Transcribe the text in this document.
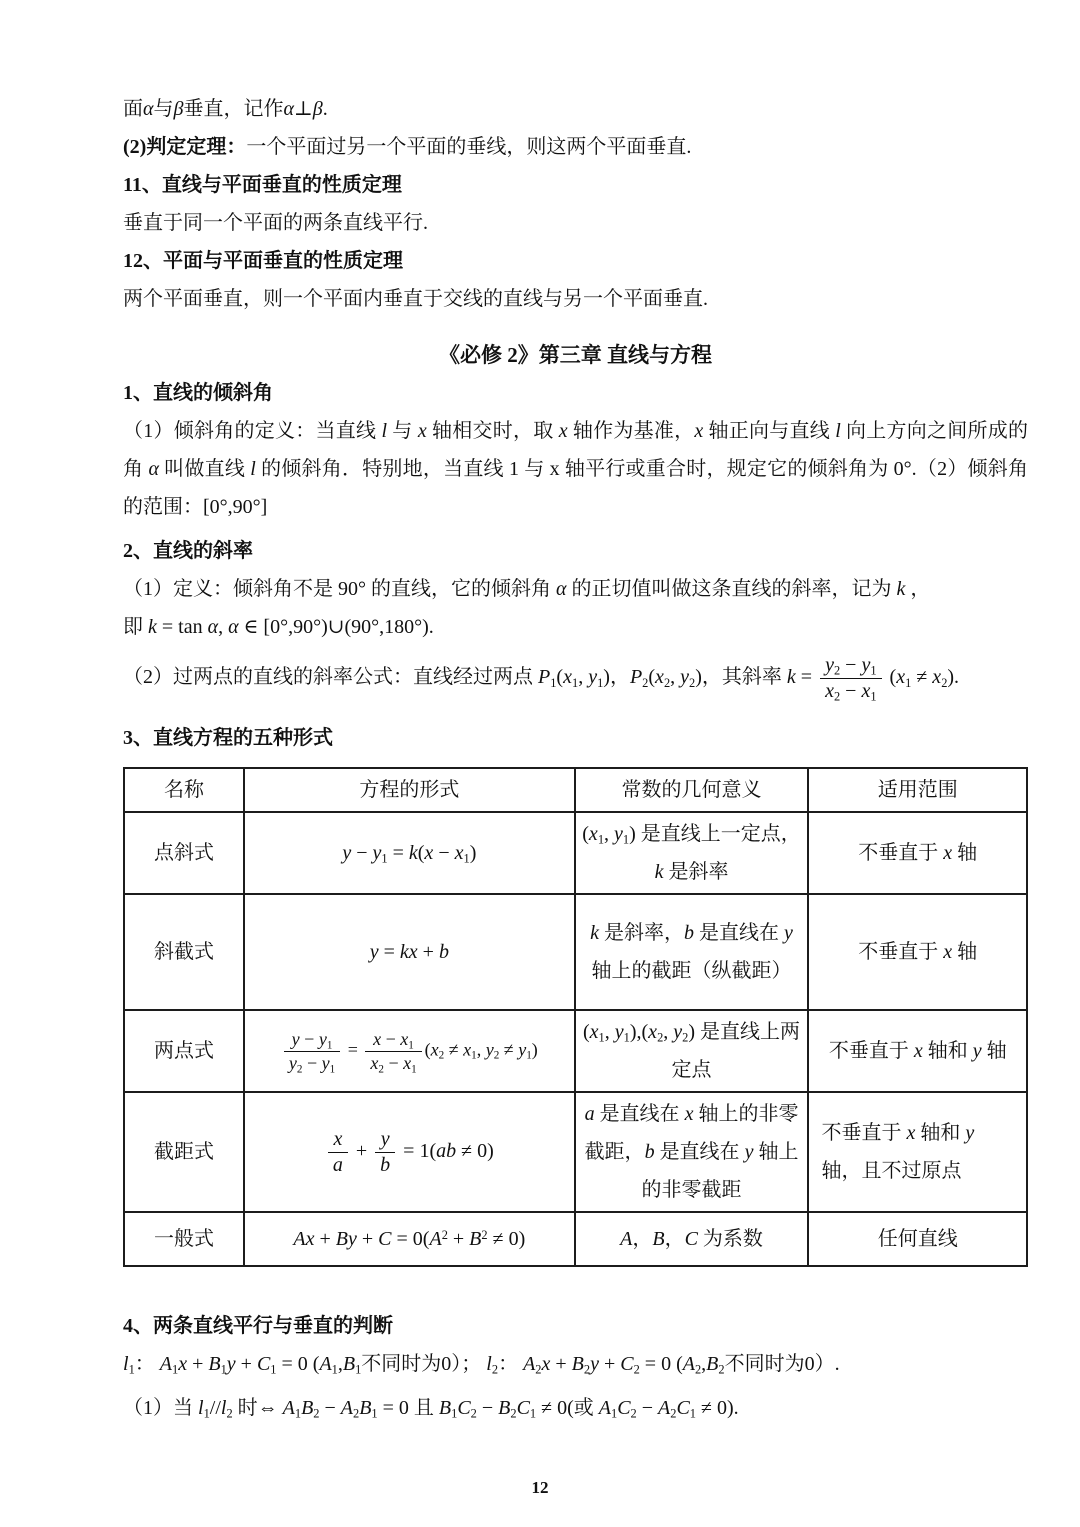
面α与β垂直，记作α⊥β.

(2)判定定理：一个平面过另一个平面的垂线，则这两个平面垂直.

11、直线与平面垂直的性质定理

垂直于同一个平面的两条直线平行.

12、平面与平面垂直的性质定理

两个平面垂直，则一个平面内垂直于交线的直线与另一个平面垂直.

《必修 2》第三章 直线与方程

1、直线的倾斜角

（1）倾斜角的定义：当直线 l 与 x 轴相交时，取 x 轴作为基准，x 轴正向与直线 l 向上方向之间所成的角 α 叫做直线 l 的倾斜角．特别地，当直线 1 与 x 轴平行或重合时，规定它的倾斜角为 0°.（2）倾斜角的范围：[0°,90°]

2、直线的斜率

（1）定义：倾斜角不是 90° 的直线，它的倾斜角 α 的正切值叫做这条直线的斜率，记为 k ，

即 k = tan α, α ∈ [0°,90°)∪(90°,180°).

（2）过两点的直线的斜率公式：直线经过两点 $P_1(x_1$, $y_1$)，$P_2(x_2$, $y_2$)，其斜率 $k = \frac{y_2 - y_1}{x_2 - x_1} (x_1 \ne x_2)$.

3、直线方程的五种形式

名称	方程的形式	常数的几何意义	适用范围
点斜式	$y - y_1 = k(x - x_1)$	($x_1$, $y_1$) 是直线上一定点，k 是斜率	不垂直于 x 轴
斜截式	y = kx + b	k 是斜率，b 是直线在 y 轴上的截距（纵截距）	不垂直于 x 轴
两点式	$\frac{y - y_1}{y_2 - y_1} = \frac{x - x_1}{x_2 - x_1} (x_2 \ne x_1$, $y_2 \ne y_1$)	($x_1$, $y_1),(x_2$, $y_2$) 是直线上两定点	不垂直于 x 轴和 y 轴
截距式	$\frac{x}{a} + \frac{y}{b} = 1(ab \ne 0)$	a 是直线在 x 轴上的非零截距，b 是直线在 y 轴上的非零截距	不垂直于 x 轴和 y 轴，且不过原点
一般式	$Ax + By + C = 0(A^2 + B^2 \ne 0)$	A，B，C 为系数	任何直线

4、两条直线平行与垂直的判断

$l_1$： $A_1x + B_1y + C_1 = 0$ ($A_1,B_1$不同时为0）； $l_2$： $A_2x + B_2y + C_2 = 0$ ($A_2,B_2$不同时为0）.

（1）当 $l_1//l_2$ 时⇔ $A_1B_2 - A_2B_1 = 0$ 且 $B_1C_2 - B_2C_1 \ne 0$(或 $A_1C_2 - A_2C_1 \ne 0$).

12
